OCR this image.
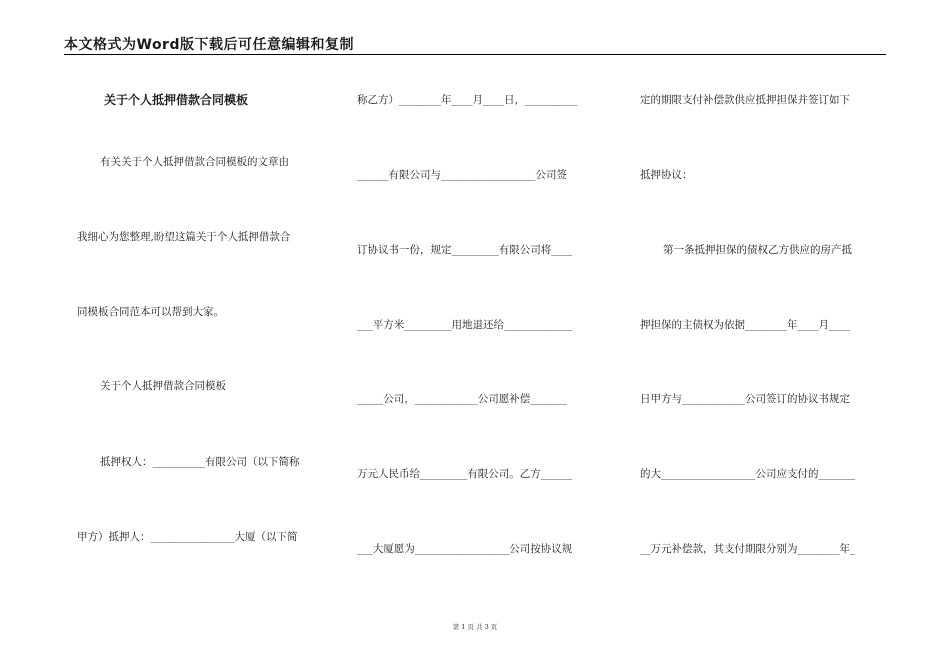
本文格式为Word版下载后可任意编辑和复制
关于个人抵押借款合同模板
有关关于个人抵押借款合同模板的文章由
我细心为您整理,盼望这篇关于个人抵押借款合
同模板合同范本可以帮到大家。
关于个人抵押借款合同模板
抵押权人：__________有限公司（以下简称
甲方）抵押人：________________大厦（以下简
称乙方）________年____月____日，__________
______有限公司与__________________公司签
订协议书一份，规定_________有限公司将____
___平方米_________用地退还给_____________
_____公司，____________公司愿补偿_______
万元人民币给_________有限公司。乙方______
___大厦愿为__________________公司按协议规
定的期限支付补偿款供应抵押担保并签订如下
抵押协议：
第一条抵押担保的债权乙方供应的房产抵
押担保的主债权为依据________年____月____
日甲方与____________公司签订的协议书规定
的大__________________公司应支付的_______
__万元补偿款，其支付期限分别为________年_
第 1 页 共 3 页
